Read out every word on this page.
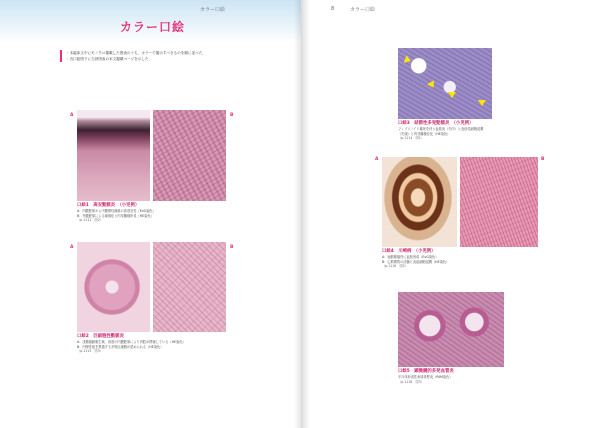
カラー口絵
カラー口絵
・本臨床文中にモノクロ掲載した図表のうち，カラーで掲示すべきものを順に並べた．
・各口絵図下に当該図表の本文掲載ページを示した．
A	B
口絵1　高安動脈炎　（小児例）
A：内膜肥厚から中膜弾性線維の高度変性（EvG染色）
B：外膜肥厚による線維化と肉芽腫様所見（HE染色）
（p.1111　図2）
A	B
口絵2　巨細胞性動脈炎
A：浅側頭動脈生検．高度の内膜肥厚により内腔が閉塞している（HE染色）
B：内弾性板を貫通する多核巨細胞が認められる（HE染色）
（p.1113　図3）
8	カラー口絵
口絵3　結節性多発動脈炎　（小児例）
フィブリノイド壊死を伴う血管炎（矢印）と炎症性細胞浸潤
（矢頭）と肉芽腫様変化（HE染色）
（p.1114　図1）
A	B
口絵4　川崎病　（小児例）
A：冠動脈瘤内に血栓形成（EvG染色）
B：心筋間質の浮腫と炎症細胞浸潤（HE染色）
（p.1116　図2）
口絵5　顕微鏡的多発血管炎
半月体形成性糸球体腎炎（PAM染色）
（p.1118　図3）
